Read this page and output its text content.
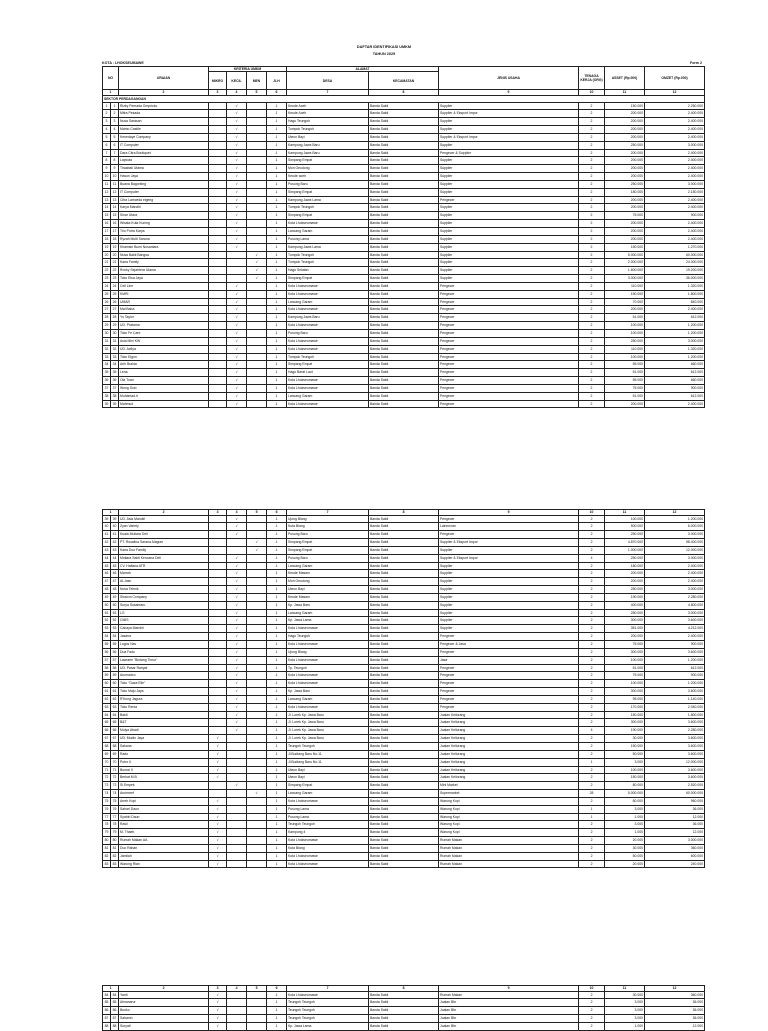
DAFTAR IDENTIFIKASI UMKM
TAHUN 2025
KOTA : LHOKSEUMAWE	Form 2
NO		URAIAN	KRITERIA UMKM				ALAMAT		JENIS USAHA	TENAGA KERJA (ORG)	ASSET (Rp.000)	OMZET (Rp.000)
			MIKRO	KECIL	MEN	JLH	DESA	KECAMATAN				
1		2	3	4	5	6	7	8	9	10	11	12
SEKTOR PERDAGANGAN												
1	1	Rizky Pemada Omprizko		√		1	Keude Aceh	Banda Sakti	Supplier	2	150.000	2.250.000
2	2	Mitra Pesada		√		1	Keude Aceh	Banda Sakti	Supplier & Eksport Impor	2	200.000	2.400.000
3	3	Nusa Sarasan		√		1	Hagu Teungoh	Banda Sakti	Supplier	2	200.000	2.400.000
4	4	Mamo Castile		√		1	Tumpok Teungoh	Banda Sakti	Supplier	2	200.000	2.400.000
5	5	Kenedaye Company		√		1	Uteun Bayi	Banda Sakti	Supplier & Eksport Impor	2	200.000	2.400.000
6	6	IT Computer		√		1	Kampung Jawa Baru	Banda Sakti	Supplier	2	250.000	3.000.000
7	7	Dara Citra Boutiquet		√		1	Kampung Jawa Baru	Banda Sakti	Pengecer & Supplier	2	200.000	2.400.000
8	8	Laptoza		√		1	Simpang Empat	Banda Sakti	Supplier	2	200.000	2.400.000
9	9	Tiraabali Utama		√		1	Mon Geudong	Banda Sakti	Supplier	2	200.000	2.400.000
10	10	Hasun Jaya		√		1	Keude aceh	Banda Sakti	Supplier	2	200.000	2.400.000
11	11	Buana Bagonting		√		1	Pusong Baru	Banda Sakti	Supplier	2	250.000	3.000.000
12	12	IT Computer		√		1	Simpang Empat	Banda Sakti	Supplier	2	180.000	2.150.000
13	13	Citra Lamceda eigeng		√		1	Kampung Jawa Lama	Banda Sakti	Pengecer	2	200.000	2.400.000
14	14	Karya Mandiri		√		1	Tumpok Teungoh	Banda Sakti	Supplier	2	200.000	2.400.000
15	15	Sinar Utara		√		1	Simpang Empat	Banda Sakti	Supplier	2	75.000	900.000
16	16	Wisata Kuta Kuning		√		1	Kota Lhokseumawe	Banda Sakti	Supplier	2	200.000	2.400.000
17	17	Trio Putra Karya		√		1	Lancang Garam	Banda Sakti	Supplier	2	200.000	2.400.000
18	18	Ryzah Multi Sarana		√		1	Pusong Lama	Banda Sakti	Supplier	2	200.000	2.400.000
19	19	Khamsie Bumi Nusantara		√		1	Kampung Jawa Lama	Banda Sakti	Supplier	2	150.000	1.270.000
20	20	Nusa Bakti Bangsa			√	1	Tumpok Teungoh	Banda Sakti	Supplier	2	5.000.000	60.000.000
21	21	Kana Family			√	1	Tumpok Teungoh	Banda Sakti	Supplier	2	2.000.000	24.000.000
22	22	Rocky Sejahtera Utama			√	1	Hagu Selatan	Banda Sakti	Supplier	2	1.600.000	19.200.000
23	23	Toko Elsa Jaya			√	1	Simpang Empat	Banda Sakti	Supplier	2	3.000.000	36.000.000
24	24	Cell Line		√		1	Kota Lhokseumawe	Banda Sakti	Pengecer	2	110.000	1.320.000
25	25	KMRI		√		1	Kota Lhokseumawe	Banda Sakti	Pengecer	2	150.000	1.800.000
26	26	UMAR		√		1	Lancang Garam	Banda Sakti	Pengecer	2	70.000	840.000
27	27	Mai Baba		√		1	Kota Lhokseumawe	Banda Sakti	Pengecer	2	200.000	2.400.000
28	28	Ys Taylor		√		1	Kampung Jawa Baru	Banda Sakti	Pengecer	2	51.000	612.000
29	29	UD. Pratama		√		1	Kota Lhokseumawe	Banda Sakti	Pengecer	2	100.000	1.200.000
30	30	Toko Fe Care		√		1	Pusong Baru	Banda Sakti	Pengecer	2	100.000	1.200.000
31	31	Asia Mini KW		√		1	Kota Lhokseumawe	Banda Sakti	Pengecer	2	250.000	3.000.000
32	32	UD. Azfiya		√		1	Kota Lhokseumawe	Banda Sakti	Pengecer	2	110.000	1.320.000
33	33	Toko Elgon		√		1	Tumpok Teungoh	Banda Sakti	Pengecer	2	100.000	1.200.000
34	34	Arih Braida		√		1	Simpang Empat	Banda Sakti	Pengecer	2	55.000	660.000
35	35	Lena		√		1	Hagu Barat Laut	Banda Sakti	Pengecer	2	51.000	612.000
36	36	Ola Tuan		√		1	Kota Lhokseumawe	Banda Sakti	Pengecer	2	55.000	660.000
37	37	Wong Solo		√		1	Kota Lhokseumawe	Banda Sakti	Pengecer	2	75.000	900.000
38	38	Muhamad.h		√		1	Lancang Garam	Banda Sakti	Pengecer	2	51.000	612.000
39	39	Mahmud		√		1	Kota Lhokseumawe	Banda Sakti	Pengecer	2	200.000	2.400.000
1		2	3	4	5	6	7	8	9	10	11	12
39	39	UD. Asia Mandiri		√		1	Ujong Blang	Banda Sakti	Pengecer	2	100.000	1.200.000
40	40	Zyan Variety		√		1	Kuta Blang	Banda Sakti	Lainnnnan	2	500.000	6.000.000
41	41	Kuala Mutiara Dell		√		1	Pusong Baru	Banda Sakti	Pengecer	2	250.000	3.000.000
42	42	PT. Rosalina Sarana Alagum			√	1	Simpang Empat	Banda Sakti	Supplier & Eksport Impor	2	4.870.000	58.400.000
43	43	Kana Duo Family			√	1	Simpang Empat	Banda Sakti	Supplier	2	1.000.000	12.000.000
44	44	Mutiara Sakti Kencana Dell		√		1	Pusong Baru	Banda Sakti	Supplier & Eksport Impor	4	250.000	3.000.000
45	45	CV. Hafiana ATR		√		1	Lancang Garam	Banda Sakti	Supplier	2	180.000	2.400.000
46	46	Marrah		√		1	Keude Masam	Banda Sakti	Supplier	2	200.000	2.400.000
47	47	Al-Jasn		√		1	Mon Geudong	Banda Sakti	Supplier	2	200.000	2.400.000
48	48	Nova Tehnik		√		1	Uteun Bayi	Banda Sakti	Supplier	2	250.000	3.000.000
49	49	Shalom Company		√		1	Keude Masam	Banda Sakti	Supplier	2	190.000	2.280.000
50	50	Surya Sukamaru		√		1	Kp. Jawa Baru	Banda Sakti	Supplier	2	400.000	4.800.000
51	51	LG		√		1	Lancang Garam	Banda Sakti	Supplier	2	250.000	3.000.000
52	52	CMIS		√		1	Kp. Jawa Lama	Banda Sakti	Supplier	2	300.000	3.600.000
53	53	Cahaya Mandiri		√		1	Kota Lhokseumawe	Banda Sakti	Supplier	2	351.000	4.212.000
54	54	Jasana		√		1	Hagu Teungoh	Banda Sakti	Pengecer	2	200.000	2.400.000
55	55	Logos Nav		√		1	Kota Lhokseumawe	Banda Sakti	Pengecer & Jasa	2	75.000	900.000
56	56	Dua Fadu		√		1	Ujong Blang	Banda Sakti	Pengecer	2	300.000	3.600.000
57	57	Lawraen "Bintang Timur"		√		1	Kota Lhokseumawe	Banda Sakti	Jasa	2	100.000	1.200.000
58	58	UD. Pasar Rahyat		√		1	Tp. Teungoh	Banda Sakti	Pengecer	2	51.000	612.000
59	59	Arumadco		√		1	Kota Lhokseumawe	Banda Sakti	Pengecer	2	75.000	900.000
60	60	Toko "Gaza Elle"		√		1	Kota Lhokseumawe	Banda Sakti	Pengecer	2	100.000	1.200.000
61	61	Toko Maju Jaya		√		1	Kp. Jawa Baru	Banda Sakti	Pengecer	2	300.000	3.600.000
62	62	R'Kung Jagura		√		1	Lancang Garam	Banda Sakti	Pengecer	2	95.000	1.140.000
63	63	Toko Renia		√		1	Kota Lhokseumawe	Banda Sakti	Pengecer	2	170.000	2.040.000
64	64	Bakti		√		1	Jl. Lorek Kp. Jawa Baru	Banda Sakti	Jualan Keliorang	2	150.000	1.800.000
65	65	B&T		√		1	Jl. Lorek Kp. Jawa Baru	Banda Sakti	Jualan Keliorang	2	300.000	3.600.000
66	66	Mulya Abadi		√		1	Jl. Lorek Kp. Jawa Baru	Banda Sakti	Jualan Keliorang	4	190.000	2.280.000
67	67	UD. Mudin Jaya	√			1	Jl. Lorek Kp. Jawa Baru	Banda Sakti	Jualan Keliorang	2	30.000	3.600.000
68	68	Sakana	√			1	Teungoh Teungoh	Banda Sakti	Jualan Keliorang	2	150.000	3.600.000
69	69	Rado	√			1	Jl.Budiang Baru No.11	Banda Sakti	Jualan Keliorang	2	50.000	3.600.000
70	70	Putro II	√			1	Jl.Budiang Baru No.11	Banda Sakti	Jualan Keliorang	1	3.000	12.000.000
71	71	Bunrai II	√			1	Uteun Bayi	Banda Sakti	Jualan Keliorang	2	100.000	3.600.000
72	72	Berkat M.B	√			1	Uteun Bayi	Banda Sakti	Jualan Keliorang	2	150.000	3.600.000
73	73	Si Empek		√		1	Simpang Empat	Banda Sakti	Mini Market	2	80.000	2.520.000
74	74	Arumreef			√	1	Lancang Garam	Banda Sakti	Supermarket	28	5.000.000	60.000.000
75	75	Arreh Kopi	√			1	Kota Lhokseumawe	Banda Sakti	Warung Kopi	2	80.000	960.000
76	76	Sahari Daun	√			1	Pusong Lama	Banda Sakti	Warung Kopi	1	3.000	36.000
77	77	Syahiri Daun	√			1	Pusong Lama	Banda Sakti	Warung Kopi	1	1.000	12.000
78	78	Rasil	√			1	Teungoh Teungoh	Banda Sakti	Warung Kopi	2	3.000	36.000
79	79	M. Thaeb	√			1	Kampung 4	Banda Sakti	Warung Kopi	2	1.000	12.000
80	80	Rumah Makan AA	√			1	Kota Lhokseumawe	Banda Sakti	Rumah Makan	2	20.000	3.000.000
81	81	Duo Rahan	√			1	Kuta Blang	Banda Sakti	Rumah Makan	2	30.000	360.000
82	82	Jamilah	√			1	Kota Lhokseumawe	Banda Sakti	Rumah Makan	2	50.000	600.000
83	83	Warung Rian	√			1	Kota Lhokseumawe	Banda Sakti	Rumah Makan	2	20.000	240.000
1		2	3	4	5	6	7	8	9	10	11	12
84	84	Yanti	√			1	Kota Lhokseumawe	Banda Sakti	Rumah Makan	2	30.000	360.000
85	85	Almanarur	√			1	Teungoh Teungoh	Banda Sakti	Jualan Bbr	2	3.000	36.000
86	86	Bunko	√			1	Teungoh Teungoh	Banda Sakti	Jualan Bbr	2	3.000	36.000
87	87	Sahanin	√			1	Teungoh Teungoh	Banda Sakti	Jualan Bbr	2	3.000	36.000
88	88	Suryati	√			1	Kp. Jawa Lama	Banda Sakti	Jualan Bbr	2	1.000	12.000
